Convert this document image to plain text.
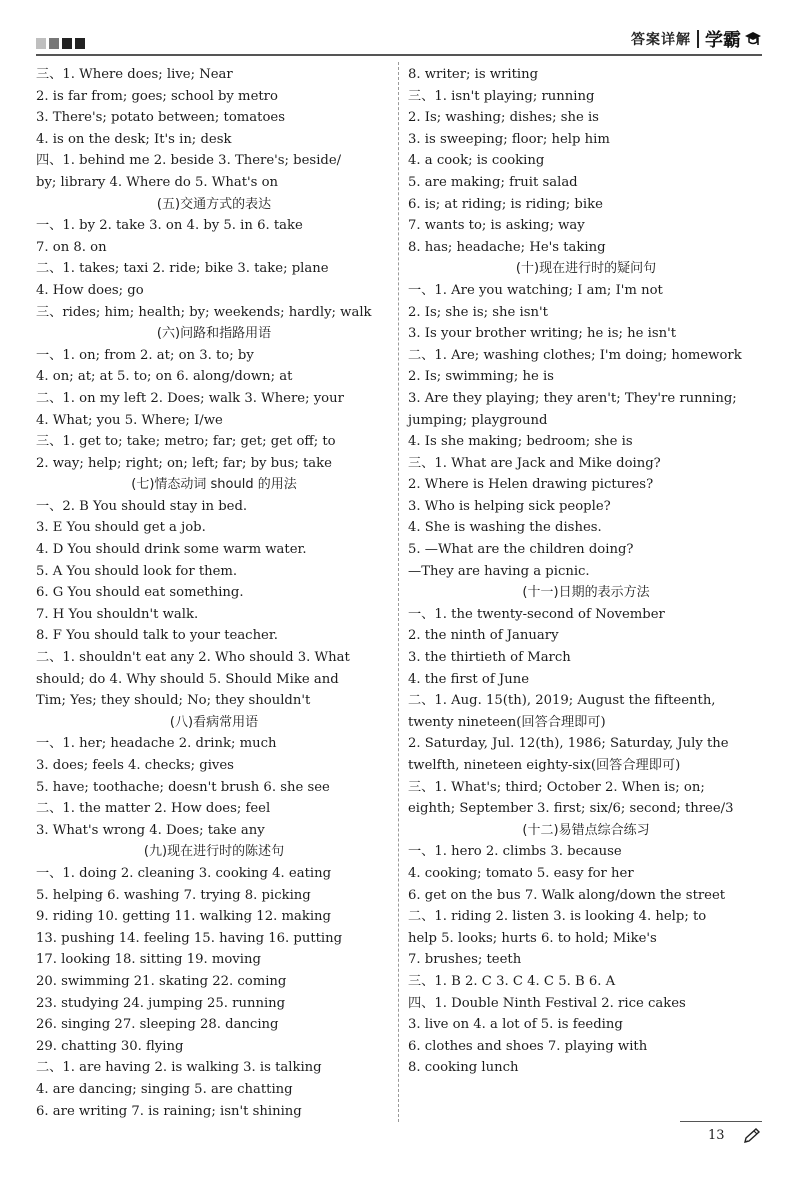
答案详解 学霸
三、1. Where does; live; Near
2. is far from; goes; school by metro
3. There's; potato between; tomatoes
4. is on the desk; It's in; desk
四、1. behind me 2. beside 3. There's; beside/
by; library 4. Where do 5. What's on
(五)交通方式的表达
一、1. by 2. take 3. on 4. by 5. in 6. take
7. on 8. on
二、1. takes; taxi 2. ride; bike 3. take; plane
4. How does; go
三、rides; him; health; by; weekends; hardly; walk
(六)问路和指路用语
一、1. on; from 2. at; on 3. to; by
4. on; at; at 5. to; on 6. along/down; at
二、1. on my left 2. Does; walk 3. Where; your
4. What; you 5. Where; I/we
三、1. get to; take; metro; far; get; get off; to
2. way; help; right; on; left; far; by bus; take
(七)情态动词 should 的用法
一、2. B You should stay in bed.
3. E You should get a job.
4. D You should drink some warm water.
5. A You should look for them.
6. G You should eat something.
7. H You shouldn't walk.
8. F You should talk to your teacher.
二、1. shouldn't eat any 2. Who should 3. What
should; do 4. Why should 5. Should Mike and
Tim; Yes; they should; No; they shouldn't
(八)看病常用语
一、1. her; headache 2. drink; much
3. does; feels 4. checks; gives
5. have; toothache; doesn't brush 6. she see
二、1. the matter 2. How does; feel
3. What's wrong 4. Does; take any
(九)现在进行时的陈述句
一、1. doing 2. cleaning 3. cooking 4. eating
5. helping 6. washing 7. trying 8. picking
9. riding 10. getting 11. walking 12. making
13. pushing 14. feeling 15. having 16. putting
17. looking 18. sitting 19. moving
20. swimming 21. skating 22. coming
23. studying 24. jumping 25. running
26. singing 27. sleeping 28. dancing
29. chatting 30. flying
二、1. are having 2. is walking 3. is talking
4. are dancing; singing 5. are chatting
6. are writing 7. is raining; isn't shining
8. writer; is writing
三、1. isn't playing; running
2. Is; washing; dishes; she is
3. is sweeping; floor; help him
4. a cook; is cooking
5. are making; fruit salad
6. is; at riding; is riding; bike
7. wants to; is asking; way
8. has; headache; He's taking
(十)现在进行时的疑问句
一、1. Are you watching; I am; I'm not
2. Is; she is; she isn't
3. Is your brother writing; he is; he isn't
二、1. Are; washing clothes; I'm doing; homework
2. Is; swimming; he is
3. Are they playing; they aren't; They're running;
jumping; playground
4. Is she making; bedroom; she is
三、1. What are Jack and Mike doing?
2. Where is Helen drawing pictures?
3. Who is helping sick people?
4. She is washing the dishes.
5. —What are the children doing?
—They are having a picnic.
(十一)日期的表示方法
一、1. the twenty-second of November
2. the ninth of January
3. the thirtieth of March
4. the first of June
二、1. Aug. 15(th), 2019; August the fifteenth,
twenty nineteen(回答合理即可)
2. Saturday, Jul. 12(th), 1986; Saturday, July the
twelfth, nineteen eighty-six(回答合理即可)
三、1. What's; third; October 2. When is; on;
eighth; September 3. first; six/6; second; three/3
(十二)易错点综合练习
一、1. hero 2. climbs 3. because
4. cooking; tomato 5. easy for her
6. get on the bus 7. Walk along/down the street
二、1. riding 2. listen 3. is looking 4. help; to
help 5. looks; hurts 6. to hold; Mike's
7. brushes; teeth
三、1. B 2. C 3. C 4. C 5. B 6. A
四、1. Double Ninth Festival 2. rice cakes
3. live on 4. a lot of 5. is feeding
6. clothes and shoes 7. playing with
8. cooking lunch
13
